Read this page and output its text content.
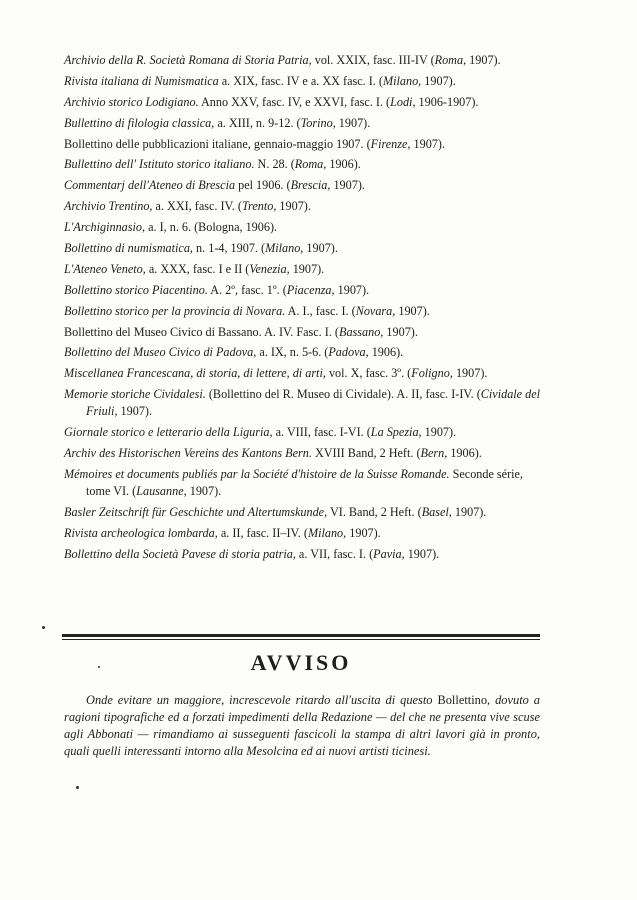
Archivio della R. Società Romana di Storia Patria, vol. XXIX, fasc. III-IV (Roma, 1907).
Rivista italiana di Numismatica a. XIX, fasc. IV e a. XX fasc. I. (Milano, 1907).
Archivio storico Lodigiano. Anno XXV, fasc. IV, e XXVI, fasc. I. (Lodi, 1906-1907).
Bullettino di filologia classica, a. XIII, n. 9-12. (Torino, 1907).
Bollettino delle pubblicazioni italiane, gennaio-maggio 1907. (Firenze, 1907).
Bullettino dell' Istituto storico italiano. N. 28. (Roma, 1906).
Commentarj dell'Ateneo di Brescia pel 1906. (Brescia, 1907).
Archivio Trentino, a. XXI, fasc. IV. (Trento, 1907).
L'Archiginnasio, a. I, n. 6. (Bologna, 1906).
Bollettino di numismatica, n. 1-4, 1907. (Milano, 1907).
L'Ateneo Veneto, a. XXX, fasc. I e II (Venezia, 1907).
Bollettino storico Piacentino. A. 2º, fasc. 1º. (Piacenza, 1907).
Bollettino storico per la provincia di Novara. A. I., fasc. I. (Novara, 1907).
Bollettino del Museo Civico di Bassano. A. IV. Fasc. I. (Bassano, 1907).
Bollettino del Museo Civico di Padova, a. IX, n. 5-6. (Padova, 1906).
Miscellanea Francescana, di storia, di lettere, di arti, vol. X, fasc. 3º. (Foligno, 1907).
Memorie storiche Cividalesi. (Bollettino del R. Museo di Cividale). A. II, fasc. I-IV. (Cividale del Friuli, 1907).
Giornale storico e letterario della Liguria, a. VIII, fasc. I-VI. (La Spezia, 1907).
Archiv des Historischen Vereins des Kantons Bern. XVIII Band, 2 Heft. (Bern, 1906).
Mémoires et documents publiés par la Société d'histoire de la Suisse Romande. Seconde série, tome VI. (Lausanne, 1907).
Basler Zeitschrift für Geschichte und Altertumskunde, VI. Band, 2 Heft. (Basel, 1907).
Rivista archeologica lombarda, a. II, fasc. II–IV. (Milano, 1907).
Bollettino della Società Pavese di storia patria, a. VII, fasc. I. (Pavia, 1907).
AVVISO
Onde evitare un maggiore, increscevole ritardo all'uscita di questo Bollettino, dovuto a ragioni tipografiche ed a forzati impedimenti della Redazione — del che ne presenta vive scuse agli Abbonati — rimandiamo ai susseguenti fascicoli la stampa di altri lavori già in pronto, quali quelli interessanti intorno alla Mesolcina ed ai nuovi artisti ticinesi.
